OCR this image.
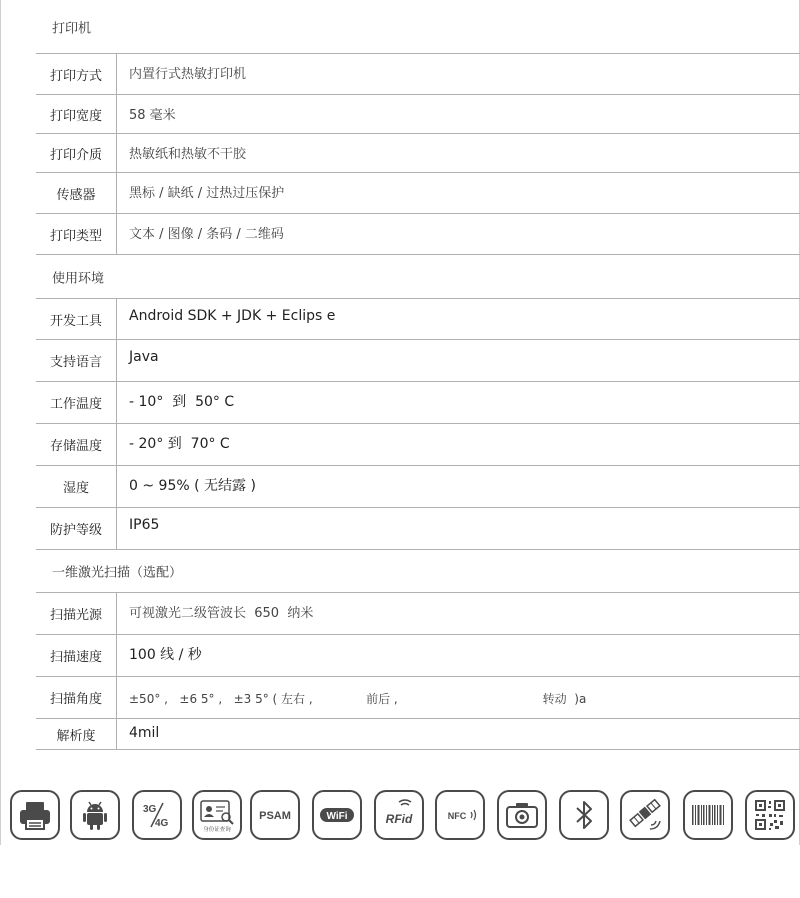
打印机
打印方式	内置行式热敏打印机
打印宽度	58 毫米
打印介质	热敏纸和热敏不干胶
传感器	黑标 / 缺纸 / 过热过压保护
打印类型	文本 / 图像 / 条码 / 二维码
使用环境
开发工具	Android SDK + JDK + Eclips e
支持语言	Java
工作温度	- 10°  到  50° C
存储温度	- 20° 到  70° C
湿度	0 ~ 95% ( 无结露 )
防护等级	IP65
一维激光扫描（选配）
扫描光源	可视激光二级管波长  650  纳米
扫描速度	100 线 / 秒
扫描角度	±50° ,   ±6 5° ,   ±3 5° ( 左右 ,              前后 ,                                      转动  )a
解析度	4mil
3G
4G
身份证查询
PSAM	WiFi	RFid	NFC
